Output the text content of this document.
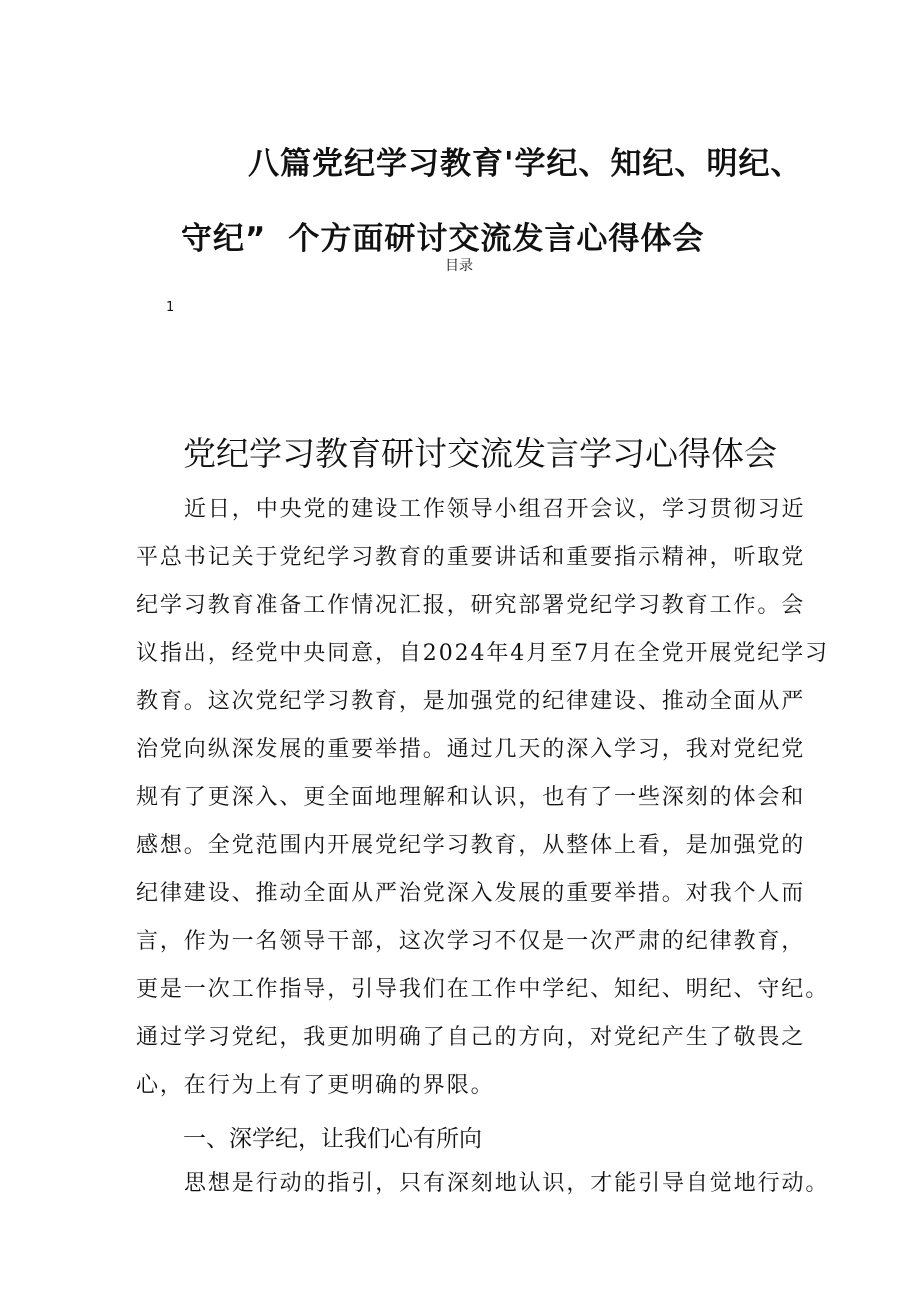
八篇党纪学习教育'学纪、知纪、明纪、
守纪” 个方面研讨交流发言心得体会
目录
1
党纪学习教育研讨交流发言学习心得体会
近日，中央党的建设工作领导小组召开会议，学习贯彻习近
平总书记关于党纪学习教育的重要讲话和重要指示精神，听取党
纪学习教育准备工作情况汇报，研究部署党纪学习教育工作。会
议指出，经党中央同意，自2024年4月至7月在全党开展党纪学习
教育。这次党纪学习教育，是加强党的纪律建设、推动全面从严
治党向纵深发展的重要举措。通过几天的深入学习，我对党纪党
规有了更深入、更全面地理解和认识，也有了一些深刻的体会和
感想。全党范围内开展党纪学习教育，从整体上看，是加强党的
纪律建设、推动全面从严治党深入发展的重要举措。对我个人而
言，作为一名领导干部，这次学习不仅是一次严肃的纪律教育，
更是一次工作指导，引导我们在工作中学纪、知纪、明纪、守纪。
通过学习党纪，我更加明确了自己的方向，对党纪产生了敬畏之
心，在行为上有了更明确的界限。
一、深学纪，让我们心有所向
思想是行动的指引，只有深刻地认识，才能引导自觉地行动。
